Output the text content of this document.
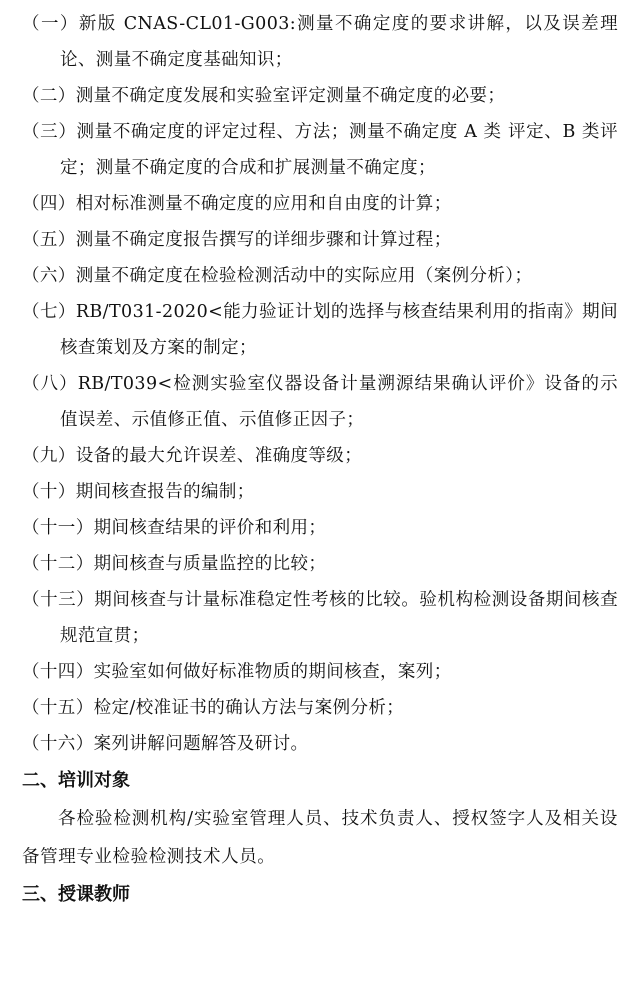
（一）新版 CNAS-CL01-G003:测量不确定度的要求讲解，以及误差理论、测量不确定度基础知识；
（二）测量不确定度发展和实验室评定测量不确定度的必要；
（三）测量不确定度的评定过程、方法；测量不确定度 A 类 评定、B 类评定；测量不确定度的合成和扩展测量不确定度；
（四）相对标准测量不确定度的应用和自由度的计算；
（五）测量不确定度报告撰写的详细步骤和计算过程；
（六）测量不确定度在检验检测活动中的实际应用（案例分析）；
（七）RB/T031-2020<能力验证计划的选择与核查结果利用的指南》期间核查策划及方案的制定；
（八）RB/T039<检测实验室仪器设备计量溯源结果确认评价》设备的示值误差、示值修正值、示值修正因子；
（九）设备的最大允许误差、准确度等级；
（十）期间核查报告的编制；
（十一）期间核查结果的评价和利用；
（十二）期间核查与质量监控的比较；
（十三）期间核查与计量标准稳定性考核的比较。验机构检测设备期间核查规范宣贯；
（十四）实验室如何做好标准物质的期间核查，案列；
（十五）检定/校准证书的确认方法与案例分析；
（十六）案列讲解问题解答及研讨。
二、培训对象

各检验检测机构/实验室管理人员、技术负责人、授权签字人及相关设备管理专业检验检测技术人员。

三、授课教师
